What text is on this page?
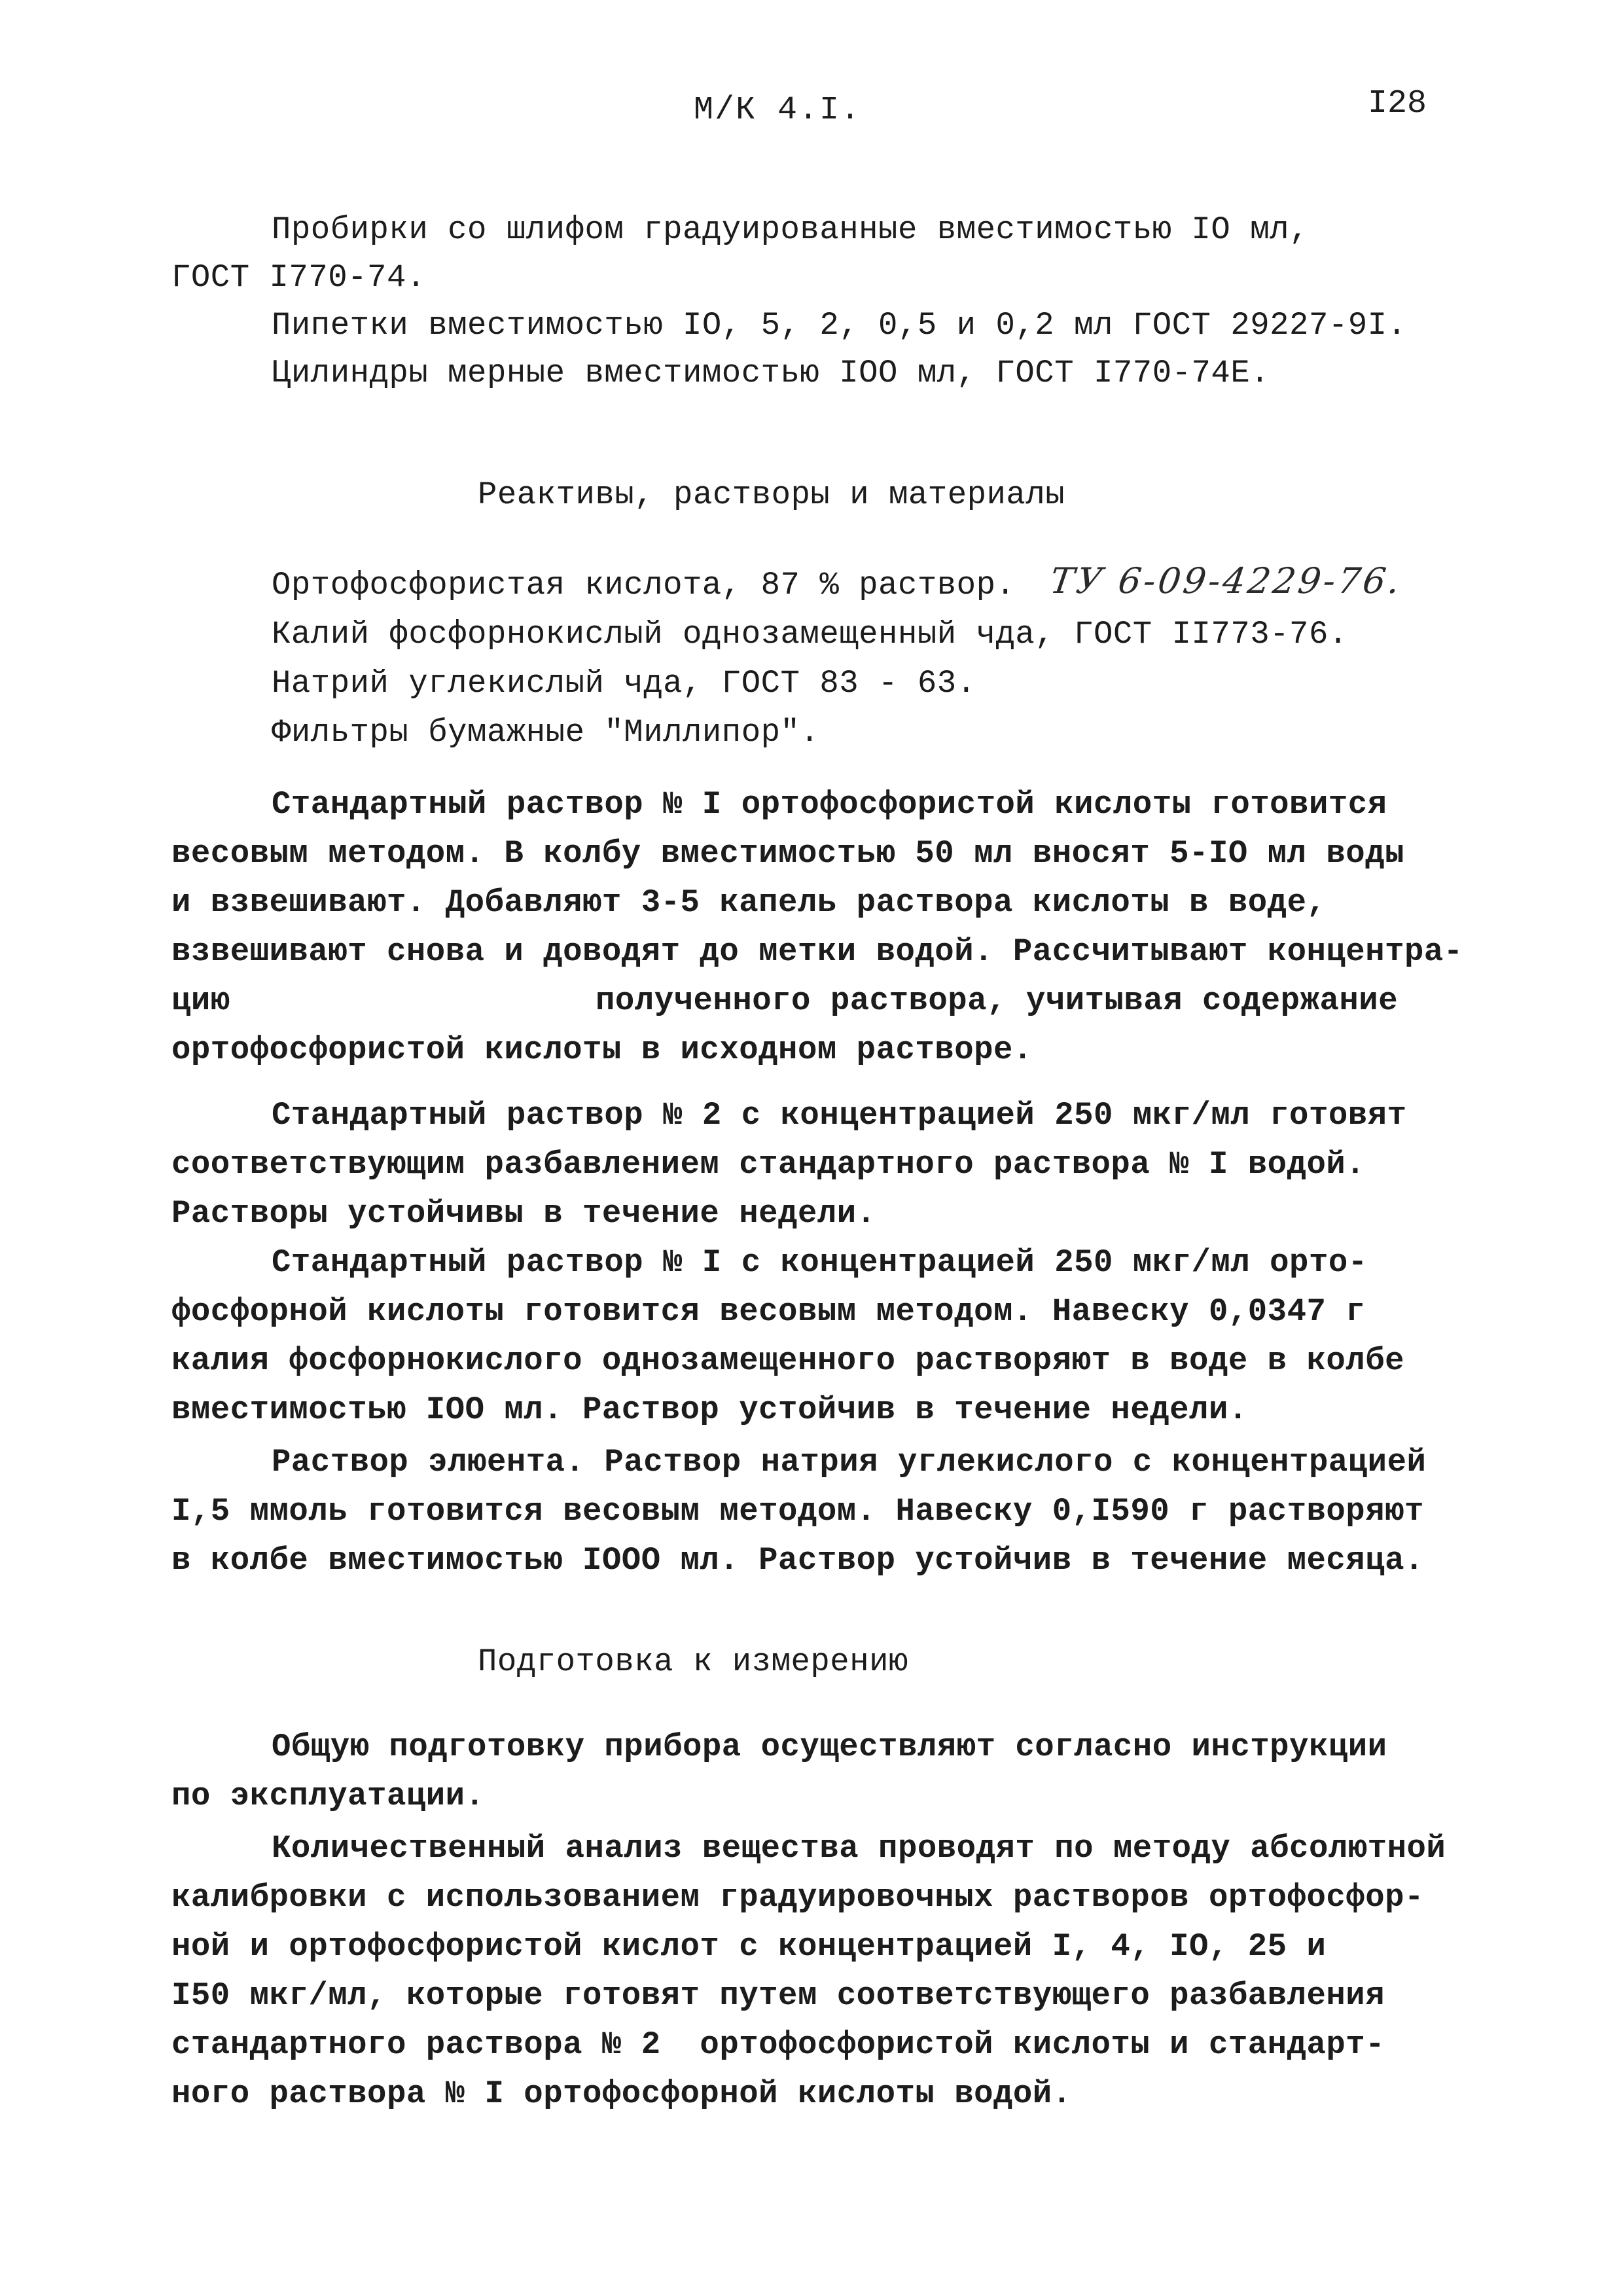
М/К 4.I.	I28
Пробирки со шлифом градуированные вместимостью IO мл,
ГОСТ I770-74.
Пипетки вместимостью IO, 5, 2, 0,5 и 0,2 мл ГОСТ 29227-9I.
Цилиндры мерные вместимостью IOO мл, ГОСТ I770-74Е.
Реактивы, растворы и материалы
Ортофосфористая кислота, 87 % раствор. ТУ 6-09-4229-76.
Калий фосфорнокислый однозамещенный чда, ГОСТ II773-76.
Натрий углекислый чда, ГОСТ 83 - 63.
Фильтры бумажные "Миллипор".
Стандартный раствор № I ортофосфористой кислоты готовится
весовым методом. В колбу вместимостью 50 мл вносят 5-IO мл воды
и взвешивают. Добавляют 3-5 капель раствора кислоты в воде,
взвешивают снова и доводят до метки водой. Рассчитывают концентра-
цию	полученного раствора, учитывая содержание
ортофосфористой кислоты в исходном растворе.
Стандартный раствор № 2 с концентрацией 250 мкг/мл готовят
соответствующим разбавлением стандартного раствора № I водой.
Растворы устойчивы в течение недели.
Стандартный раствор № I с концентрацией 250 мкг/мл орто-
фосфорной кислоты готовится весовым методом. Навеску 0,0347 г
калия фосфорнокислого однозамещенного растворяют в воде в колбе
вместимостью IOO мл. Раствор устойчив в течение недели.
Раствор элюента. Раствор натрия углекислого с концентрацией
I,5 ммоль готовится весовым методом. Навеску 0,I590 г растворяют
в колбе вместимостью IOOO мл. Раствор устойчив в течение месяца.
Подготовка к измерению
Общую подготовку прибора осуществляют согласно инструкции
по эксплуатации.
Количественный анализ вещества проводят по методу абсолютной
калибровки с использованием градуировочных растворов ортофосфор-
ной и ортофосфористой кислот с концентрацией I, 4, IO, 25 и
I50 мкг/мл, которые готовят путем соответствующего разбавления
стандартного раствора № 2  ортофосфористой кислоты и стандарт-
ного раствора № I ортофосфорной кислоты водой.
